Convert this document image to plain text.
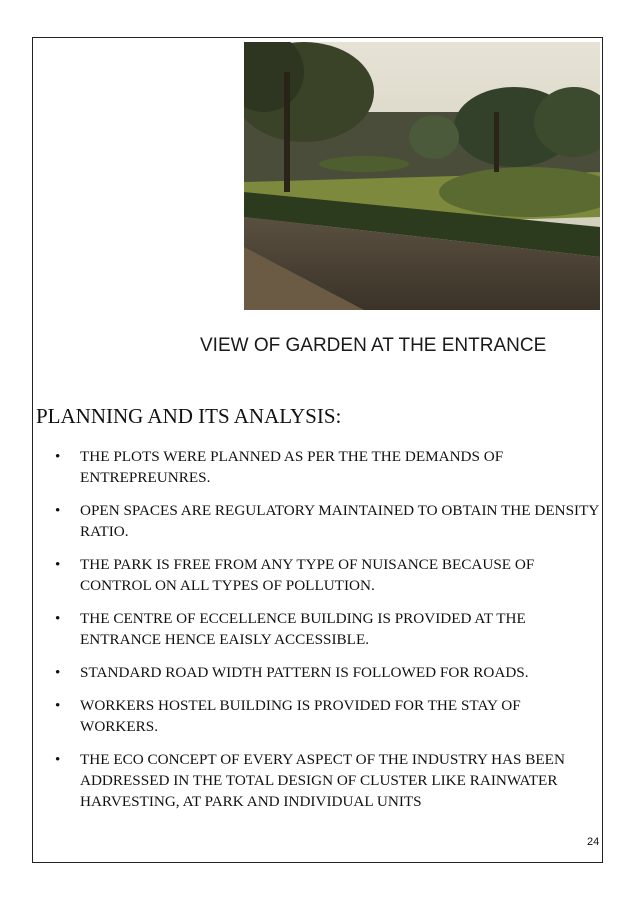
VIEW OF GARDEN AT THE ENTRANCE
PLANNING AND ITS ANALYSIS:
• THE PLOTS WERE PLANNED AS PER THE THE DEMANDS OF ENTREPREUNRES.
• OPEN SPACES ARE REGULATORY MAINTAINED TO OBTAIN THE DENSITY RATIO.
• THE PARK IS FREE FROM ANY TYPE OF NUISANCE BECAUSE OF CONTROL ON ALL TYPES OF POLLUTION.
• THE CENTRE OF ECCELLENCE BUILDING IS PROVIDED AT THE ENTRANCE HENCE EAISLY ACCESSIBLE.
• STANDARD ROAD WIDTH PATTERN IS FOLLOWED FOR ROADS.
• WORKERS HOSTEL BUILDING IS PROVIDED FOR THE STAY OF WORKERS.
• THE ECO CONCEPT OF EVERY ASPECT OF THE INDUSTRY HAS BEEN ADDRESSED IN THE TOTAL DESIGN OF CLUSTER LIKE RAINWATER HARVESTING, AT PARK AND INDIVIDUAL UNITS
24
